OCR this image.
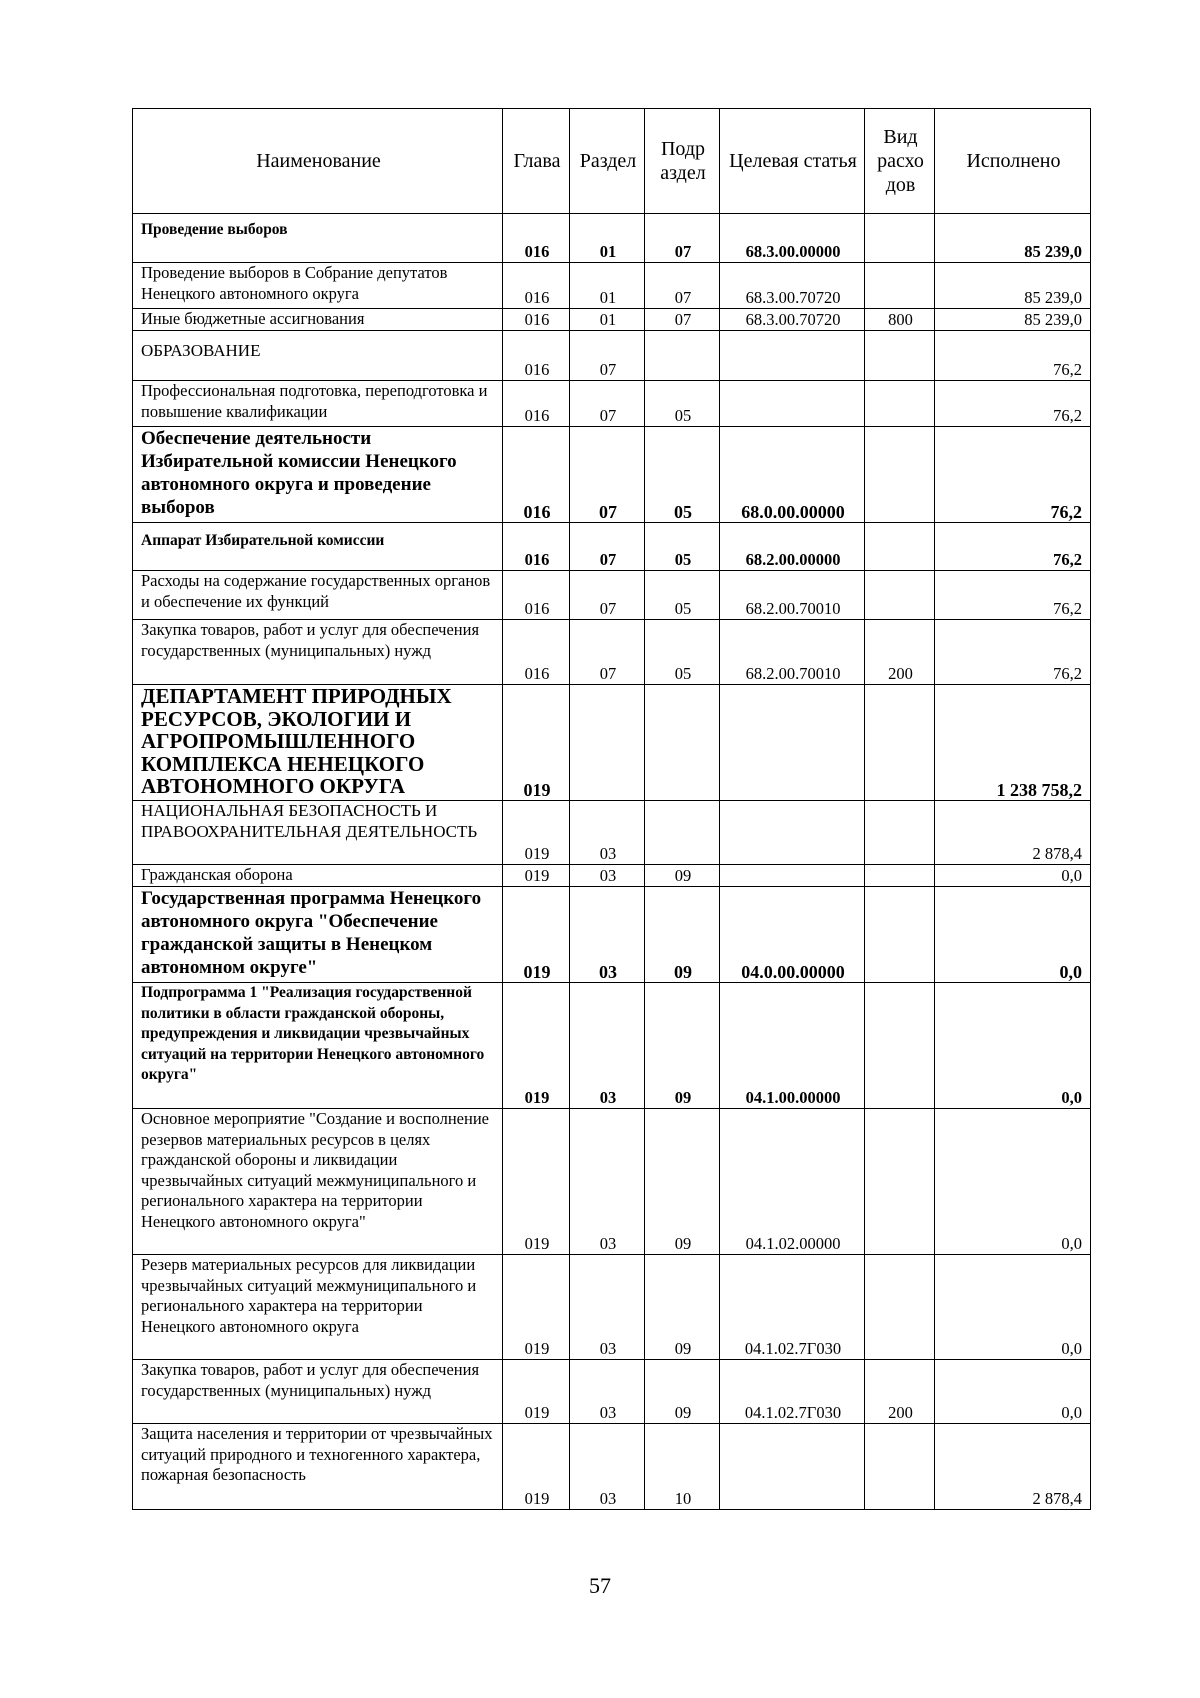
Наименование	Глава	Раздел	Подр аздел	Целевая статья	Вид расхо дов	Исполнено
Проведение выборов	016	01	07	68.3.00.00000		85 239,0
Проведение выборов в Собрание депутатов Ненецкого автономного округа	016	01	07	68.3.00.70720		85 239,0
Иные бюджетные ассигнования	016	01	07	68.3.00.70720	800	85 239,0
ОБРАЗОВАНИЕ	016	07				76,2
Профессиональная подготовка, переподготовка и повышение квалификации	016	07	05			76,2
Обеспечение деятельности Избирательной комиссии Ненецкого автономного округа и проведение выборов	016	07	05	68.0.00.00000		76,2
Аппарат Избирательной комиссии	016	07	05	68.2.00.00000		76,2
Расходы на содержание государственных органов и обеспечение их функций	016	07	05	68.2.00.70010		76,2
Закупка товаров, работ и услуг для обеспечения государственных (муниципальных) нужд	016	07	05	68.2.00.70010	200	76,2
ДЕПАРТАМЕНТ ПРИРОДНЫХ РЕСУРСОВ, ЭКОЛОГИИ И АГРОПРОМЫШЛЕННОГО КОМПЛЕКСА НЕНЕЦКОГО АВТОНОМНОГО ОКРУГА	019					1 238 758,2
НАЦИОНАЛЬНАЯ БЕЗОПАСНОСТЬ И ПРАВООХРАНИТЕЛЬНАЯ ДЕЯТЕЛЬНОСТЬ	019	03				2 878,4
Гражданская оборона	019	03	09			0,0
Государственная программа Ненецкого автономного округа "Обеспечение гражданской защиты в Ненецком автономном округе"	019	03	09	04.0.00.00000		0,0
Подпрограмма 1 "Реализация государственной политики в области гражданской обороны, предупреждения и ликвидации чрезвычайных ситуаций на территории Ненецкого автономного округа"	019	03	09	04.1.00.00000		0,0
Основное мероприятие "Создание и восполнение резервов материальных ресурсов в целях гражданской обороны и ликвидации чрезвычайных ситуаций межмуниципального и регионального характера на территории Ненецкого автономного округа"	019	03	09	04.1.02.00000		0,0
Резерв материальных ресурсов для ликвидации чрезвычайных ситуаций межмуниципального и регионального характера на территории Ненецкого автономного округа	019	03	09	04.1.02.7Г030		0,0
Закупка товаров, работ и услуг для обеспечения государственных (муниципальных) нужд	019	03	09	04.1.02.7Г030	200	0,0
Защита населения и территории от чрезвычайных ситуаций природного и техногенного характера, пожарная безопасность	019	03	10			2 878,4
57
